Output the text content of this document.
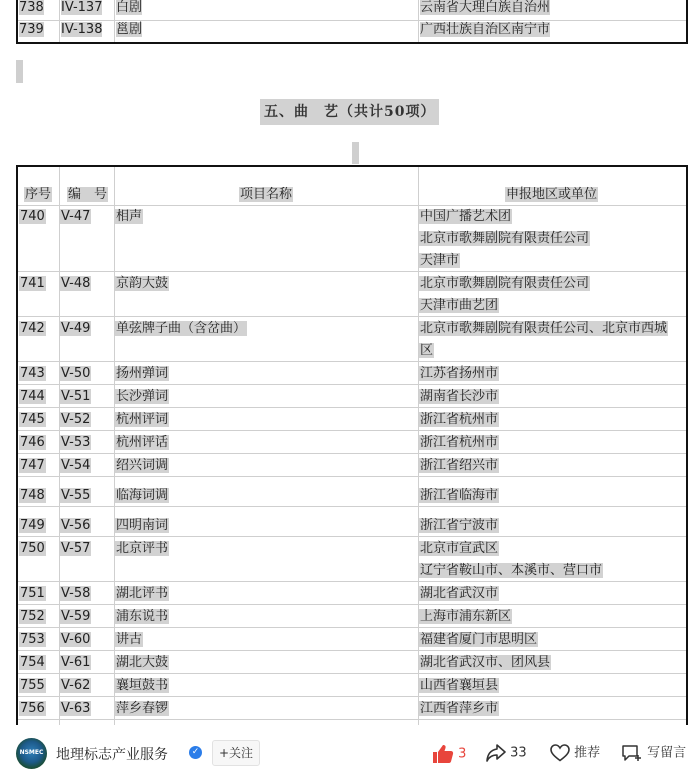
738 IV-137 白剧	云南省大理白族自治州
739 IV-138 邕剧	广西壮族自治区南宁市
五、曲　艺（共计50项）
序号 编　号	项目名称	申报地区或单位
740 V-47 相声	中国广播艺术团
北京市歌舞剧院有限责任公司
天津市
741 V-48 京韵大鼓	北京市歌舞剧院有限责任公司
天津市曲艺团
742 V-49 单弦牌子曲（含岔曲）	北京市歌舞剧院有限责任公司、北京市西城
区
743 V-50 扬州弹词	江苏省扬州市
744 V-51 长沙弹词	湖南省长沙市
745 V-52 杭州评词	浙江省杭州市
746 V-53 杭州评话	浙江省杭州市
747 V-54 绍兴词调	浙江省绍兴市
748 V-55 临海词调	浙江省临海市
749 V-56 四明南词	浙江省宁波市
750 V-57 北京评书	北京市宣武区
辽宁省鞍山市、本溪市、营口市
751 V-58 湖北评书	湖北省武汉市
752 V-59 浦东说书	上海市浦东新区
753 V-60 讲古	福建省厦门市思明区
754 V-61 湖北大鼓	湖北省武汉市、团风县
755 V-62 襄垣鼓书	山西省襄垣县
756 V-63 萍乡春锣	江西省萍乡市
NSMEC 地理标志产业服务	✓	+关注	3	33	推荐	写留言
